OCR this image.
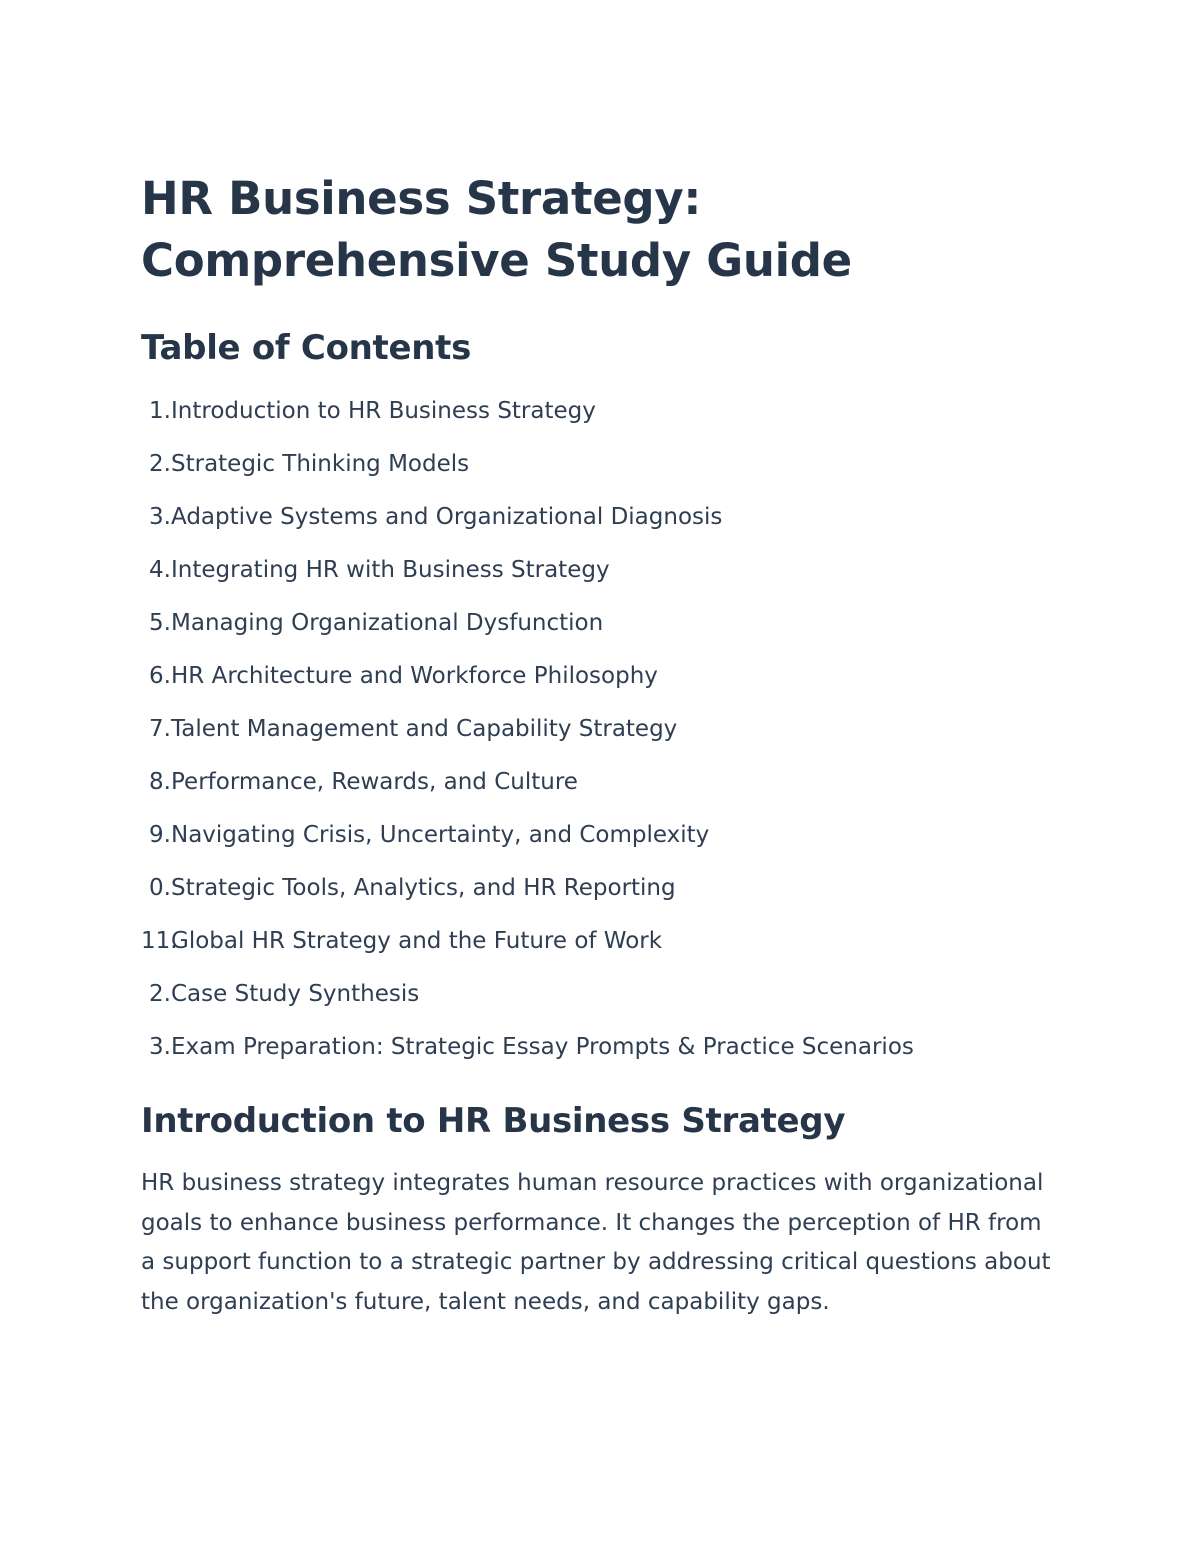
HR Business Strategy: Comprehensive Study Guide
Table of Contents
1. Introduction to HR Business Strategy
2. Strategic Thinking Models
3. Adaptive Systems and Organizational Diagnosis
4. Integrating HR with Business Strategy
5. Managing Organizational Dysfunction
6. HR Architecture and Workforce Philosophy
7. Talent Management and Capability Strategy
8. Performance, Rewards, and Culture
9. Navigating Crisis, Uncertainty, and Complexity
0. Strategic Tools, Analytics, and HR Reporting
11.
Global HR Strategy and the Future of Work
2. Case Study Synthesis
3. Exam Preparation: Strategic Essay Prompts & Practice Scenarios
Introduction to HR Business Strategy

HR business strategy integrates human resource practices with organizational goals to enhance business performance. It changes the perception of HR from a support function to a strategic partner by addressing critical questions about the organization's future, talent needs, and capability gaps.
